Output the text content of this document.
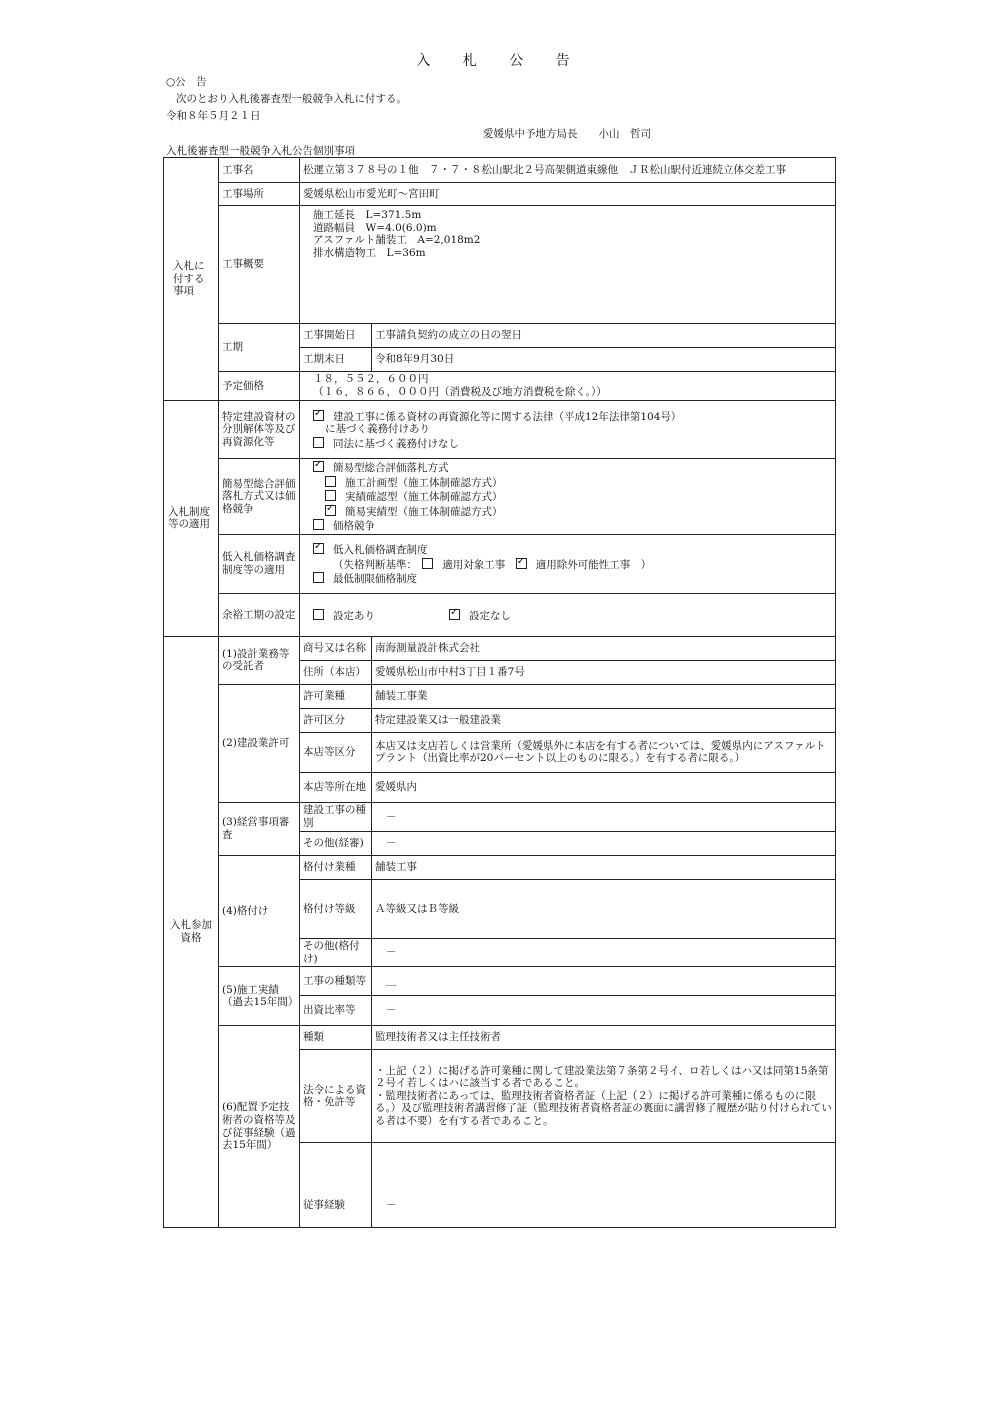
入 札 公 告
○公　告
次のとおり入札後審査型一般競争入札に付する。
令和８年５月２１日
愛媛県中予地方局長　　小山　哲司
入札後審査型一般競争入札公告個別事項
入札に付する事項	工事名	松運立第３７８号の１他　７・７・８松山駅北２号高架側道東線他　ＪＲ松山駅付近連続立体交差工事	
	工事場所	愛媛県松山市愛光町～宮田町	
	工事概要	施工延長　L=371.5m
道路幅員　W=4.0(6.0)m
アスファルト舗装工　A=2,018m2
排水構造物工　L=36m	

	工期	工事開始日	工事請負契約の成立の日の翌日
		工期末日	令和8年9月30日
	予定価格	１８，５５２，６００円
（１６，８６６，０００円（消費税及び地方消費税を除く。））	

入札制度等の適用	特定建設資材の分別解体等及び再資源化等	
✓建設工事に係る資材の再資源化等に関する法律（平成12年法律第104号）
に基づく義務付けあり
同法に基づく義務付けなし

	簡易型総合評価落札方式又は価格競争	
✓簡易型総合評価落札方式
施工計画型（施工体制確認方式）
実績確認型（施工体制確認方式）
✓簡易実績型（施工体制確認方式）
価格競争

	低入札価格調査制度等の適用	
✓低入札価格調査制度
（失格判断基準：　 適用対象工事　 ✓ 適用除外可能性工事　）
最低制限価格制度

	余裕工期の設定	設定あり ✓ 設定なし

入札参加資格	(1)設計業務等の受託者	商号又は名称	南海測量設計株式会社
		住所（本店）	愛媛県松山市中村3丁目１番7号
	(2)建設業許可	許可業種	舗装工事業
		許可区分	特定建設業又は一般建設業
		本店等区分	本店又は支店若しくは営業所（愛媛県外に本店を有する者については、愛媛県内にアスファルトプラント（出資比率が20パーセント以上のものに限る。）を有する者に限る。）
		本店等所在地	愛媛県内
	(3)経営事項審査	建設工事の種別	－
		その他(経審)	－
	(4)格付け	格付け業種	舗装工事
		格付け等級	Ａ等級又はＢ等級
		その他(格付け)	－
	(5)施工実績（過去15年間）	工事の種類等	＿
		出資比率等	－
	(6)配置予定技術者の資格等及び従事経験（過去15年間）	種類	監理技術者又は主任技術者
		法令による資格・免許等	・上記（２）に掲げる許可業種に関して建設業法第７条第２号イ、ロ若しくはハ又は同第15条第２号イ若しくはハに該当する者であること。
・監理技術者にあっては、監理技術者資格者証（上記（２）に掲げる許可業種に係るものに限る。）及び監理技術者講習修了証（監理技術者資格者証の裏面に講習修了履歴が貼り付けられている者は不要）を有する者であること。

		従事経験	－
